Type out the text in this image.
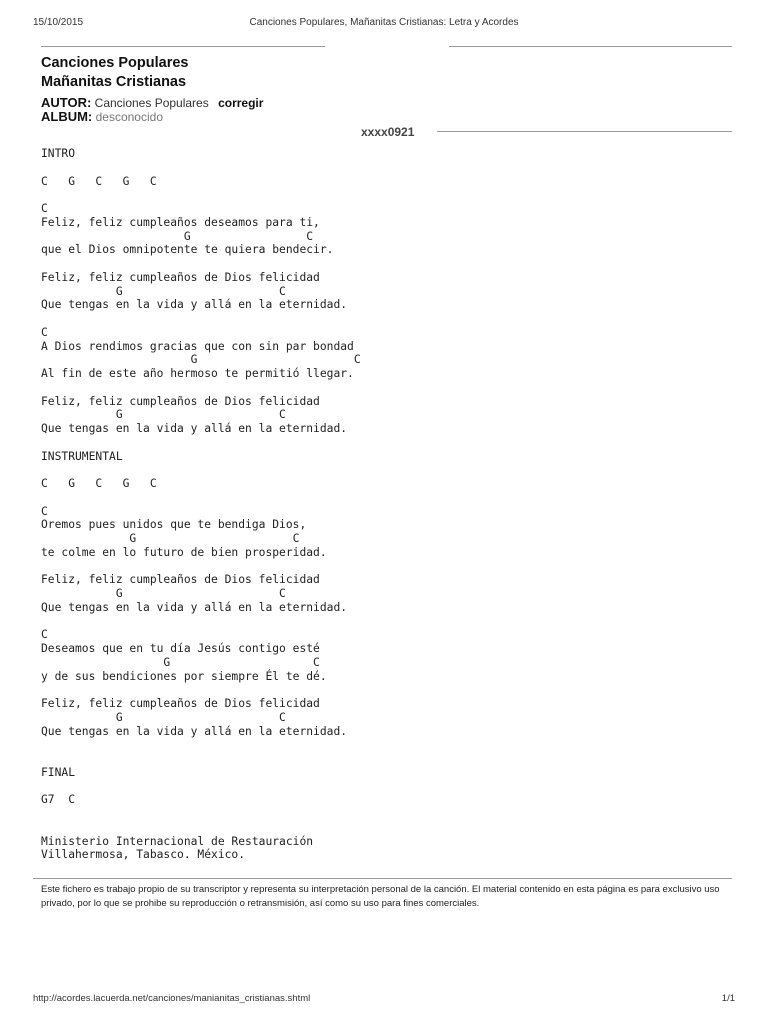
15/10/2015	Canciones Populares, Mañanitas Cristianas: Letra y Acordes
Canciones Populares
Mañanitas Cristianas
AUTOR: Canciones Populares corregir
ALBUM: desconocido
xxxx0921
INTRO

C   G   C   G   C

C
Feliz, feliz cumpleaños deseamos para ti,
G                 C
que el Dios omnipotente te quiera bendecir.

Feliz, feliz cumpleaños de Dios felicidad
G                       C
Que tengas en la vida y allá en la eternidad.

C
A Dios rendimos gracias que con sin par bondad
G                       C
Al fin de este año hermoso te permitió llegar.

Feliz, feliz cumpleaños de Dios felicidad
G                       C
Que tengas en la vida y allá en la eternidad.

INSTRUMENTAL

C   G   C   G   C

C
Oremos pues unidos que te bendiga Dios,
G                       C
te colme en lo futuro de bien prosperidad.

Feliz, feliz cumpleaños de Dios felicidad
G                       C
Que tengas en la vida y allá en la eternidad.

C
Deseamos que en tu día Jesús contigo esté
G                     C
y de sus bendiciones por siempre Él te dé.

Feliz, feliz cumpleaños de Dios felicidad
G                       C
Que tengas en la vida y allá en la eternidad.

FINAL

G7  C

Ministerio Internacional de Restauración
Villahermosa, Tabasco. México.
Este fichero es trabajo propio de su transcriptor y representa su interpretación personal de la canción. El material contenido en esta página es para exclusivo uso privado, por lo que se prohibe su reproducción o retransmisión, así como su uso para fines comerciales.
http://acordes.lacuerda.net/canciones/manianitas_cristianas.shtml	1/1
